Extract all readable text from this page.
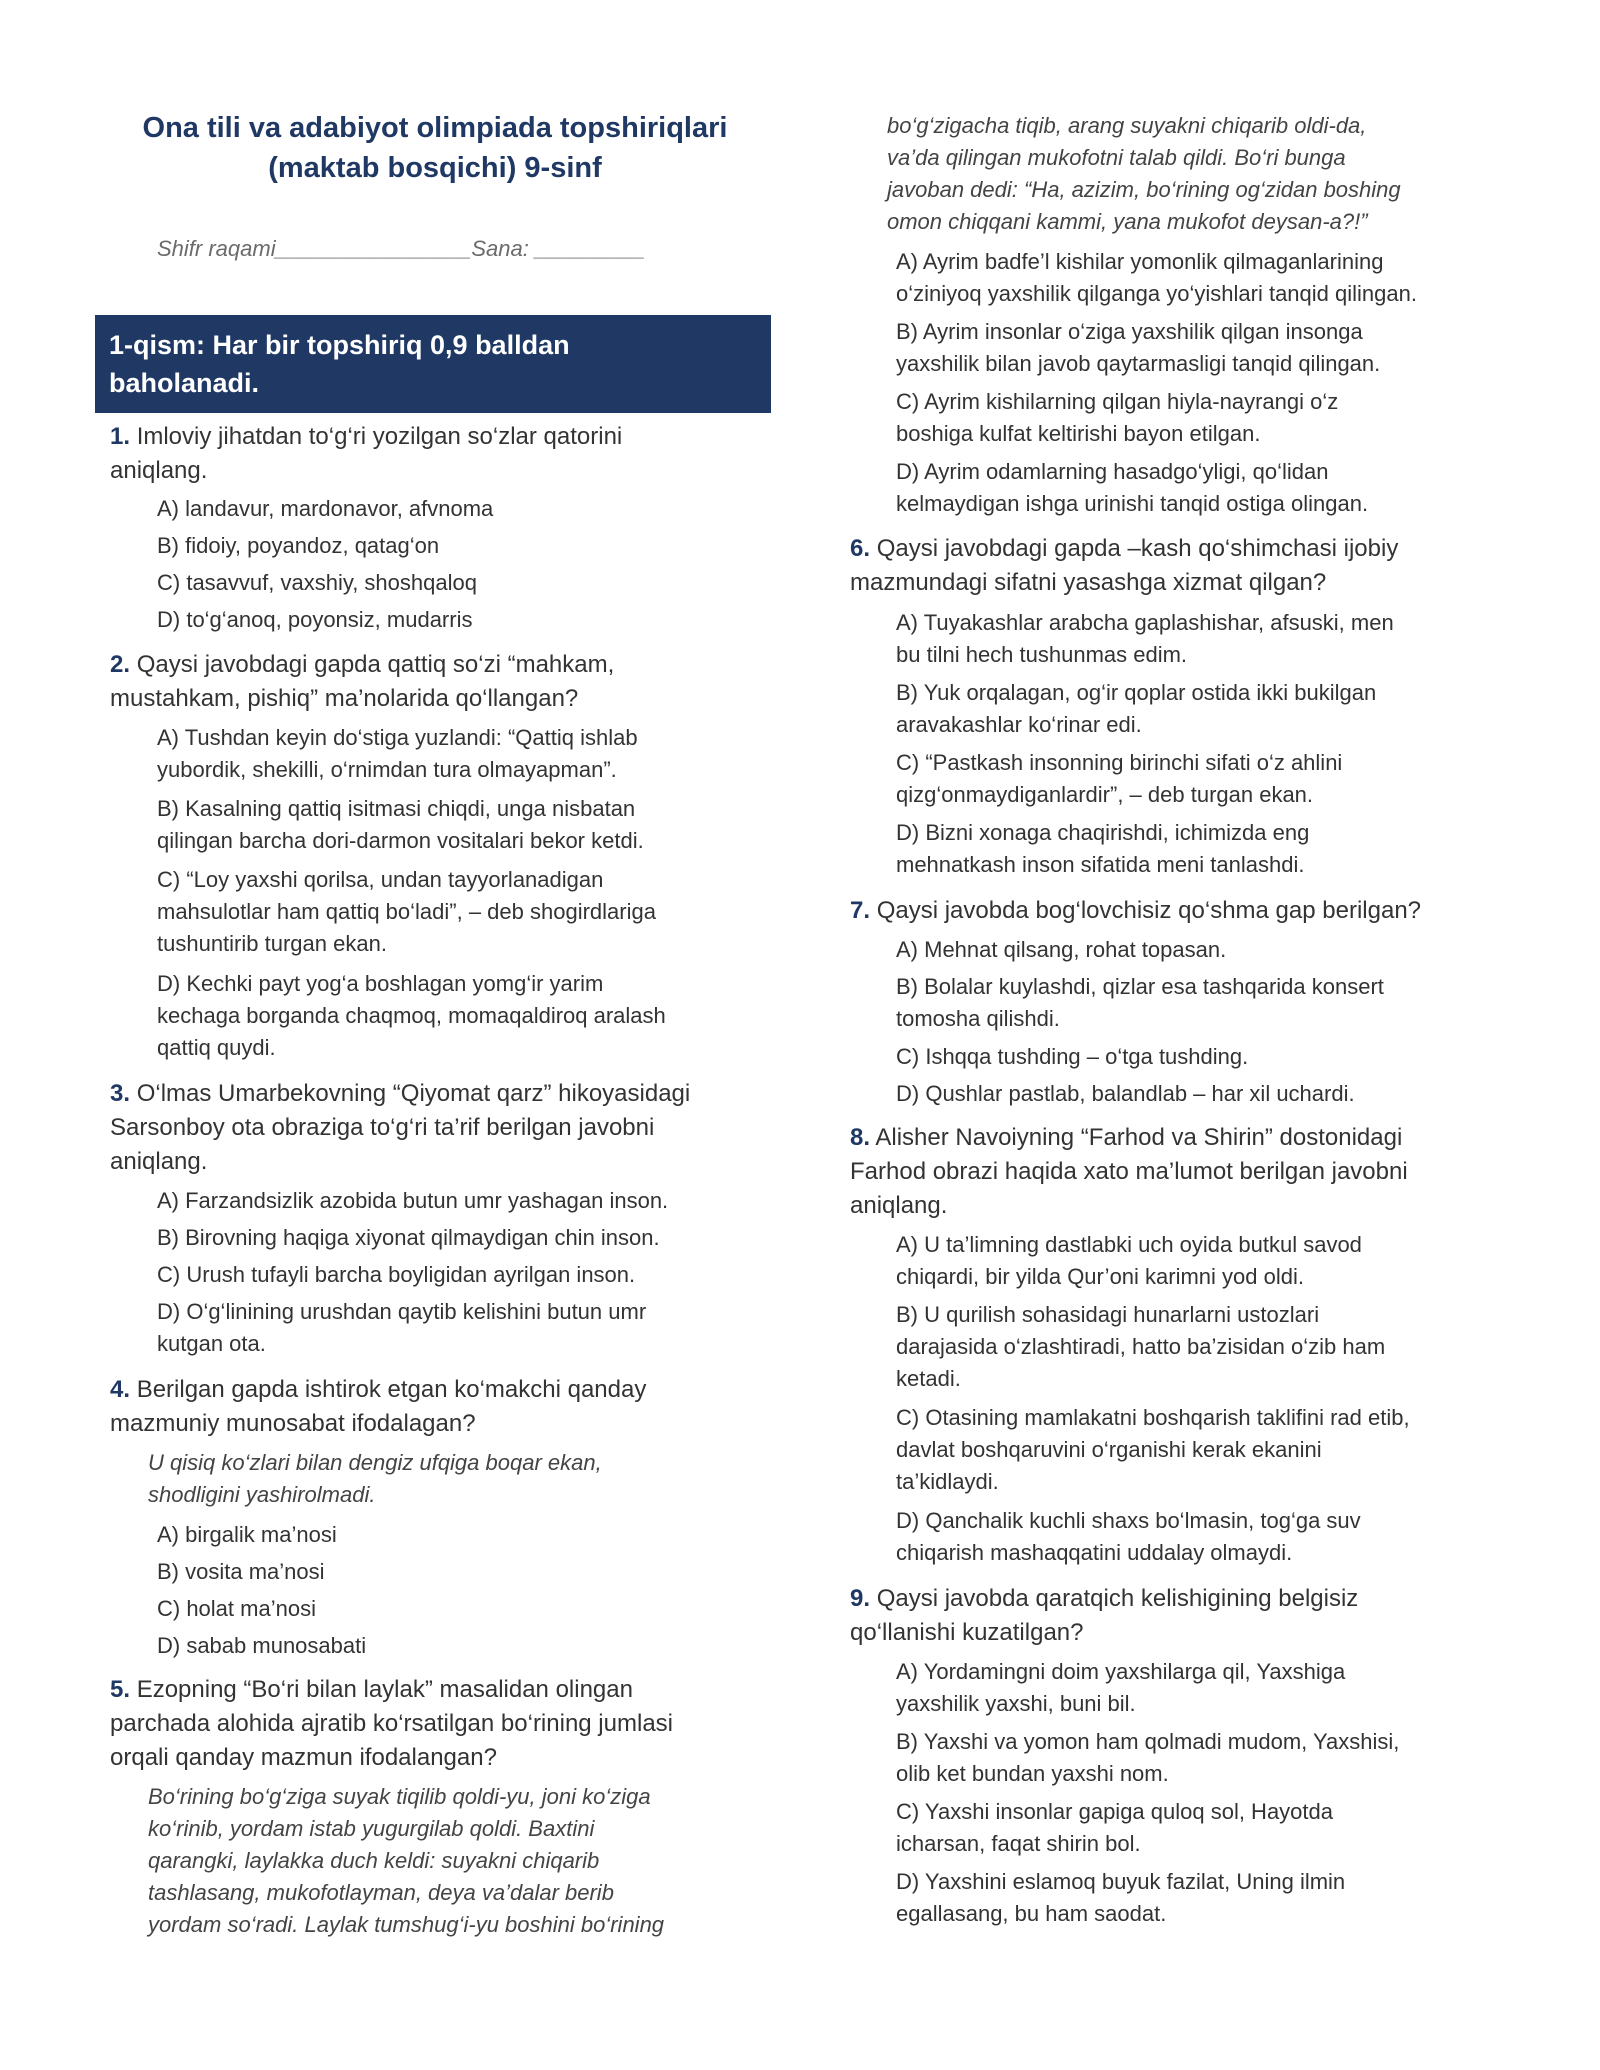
Ona tili va adabiyot olimpiada topshiriqlari
(maktab bosqichi) 9-sinf
Shifr raqami________________Sana: _________
1-qism: Har bir topshiriq 0,9 balldan
baholanadi.
1. Imloviy jihatdan to‘g‘ri yozilgan so‘zlar qatorini
aniqlang.
A) landavur, mardonavor, afvnoma
B) fidoiy, poyandoz, qatag‘on
C) tasavvuf, vaxshiy, shoshqaloq
D) to‘g‘anoq, poyonsiz, mudarris
2. Qaysi javobdagi gapda qattiq so‘zi “mahkam,
mustahkam, pishiq” ma’nolarida qo‘llangan?
A) Tushdan keyin do‘stiga yuzlandi: “Qattiq ishlab
yubordik, shekilli, o‘rnimdan tura olmayapman”.
B) Kasalning qattiq isitmasi chiqdi, unga nisbatan
qilingan barcha dori-darmon vositalari bekor ketdi.
C) “Loy yaxshi qorilsa, undan tayyorlanadigan
mahsulotlar ham qattiq bo‘ladi”, – deb shogirdlariga
tushuntirib turgan ekan.
D) Kechki payt yog‘a boshlagan yomg‘ir yarim
kechaga borganda chaqmoq, momaqaldiroq aralash
qattiq quydi.
3. O‘lmas Umarbekovning “Qiyomat qarz” hikoyasidagi
Sarsonboy ota obraziga to‘g‘ri ta’rif berilgan javobni
aniqlang.
A) Farzandsizlik azobida butun umr yashagan inson.
B) Birovning haqiga xiyonat qilmaydigan chin inson.
C) Urush tufayli barcha boyligidan ayrilgan inson.
D) O‘g‘linining urushdan qaytib kelishini butun umr
kutgan ota.
4. Berilgan gapda ishtirok etgan ko‘makchi qanday
mazmuniy munosabat ifodalagan?
U qisiq ko‘zlari bilan dengiz ufqiga boqar ekan,
shodligini yashirolmadi.
A) birgalik ma’nosi
B) vosita ma’nosi
C) holat ma’nosi
D) sabab munosabati
5. Ezopning “Bo‘ri bilan laylak” masalidan olingan
parchada alohida ajratib ko‘rsatilgan bo‘rining jumlasi
orqali qanday mazmun ifodalangan?
Bo‘rining bo‘g‘ziga suyak tiqilib qoldi-yu, joni ko‘ziga
ko‘rinib, yordam istab yugurgilab qoldi. Baxtini
qarangki, laylakka duch keldi: suyakni chiqarib
tashlasang, mukofotlayman, deya va’dalar berib
yordam so‘radi. Laylak tumshug‘i-yu boshini bo‘rining
bo‘g‘zigacha tiqib, arang suyakni chiqarib oldi-da,
va’da qilingan mukofotni talab qildi. Bo‘ri bunga
javoban dedi: “Ha, azizim, bo‘rining og‘zidan boshing
omon chiqqani kammi, yana mukofot deysan-a?!”
A) Ayrim badfe’l kishilar yomonlik qilmaganlarining
o‘ziniyoq yaxshilik qilganga yo‘yishlari tanqid qilingan.
B) Ayrim insonlar o‘ziga yaxshilik qilgan insonga
yaxshilik bilan javob qaytarmasligi tanqid qilingan.
C) Ayrim kishilarning qilgan hiyla-nayrangi o‘z
boshiga kulfat keltirishi bayon etilgan.
D) Ayrim odamlarning hasadgo‘yligi, qo‘lidan
kelmaydigan ishga urinishi tanqid ostiga olingan.
6. Qaysi javobdagi gapda –kash qo‘shimchasi ijobiy
mazmundagi sifatni yasashga xizmat qilgan?
A) Tuyakashlar arabcha gaplashishar, afsuski, men
bu tilni hech tushunmas edim.
B) Yuk orqalagan, og‘ir qoplar ostida ikki bukilgan
aravakashlar ko‘rinar edi.
C) “Pastkash insonning birinchi sifati o‘z ahlini
qizg‘onmaydiganlardir”, – deb turgan ekan.
D) Bizni xonaga chaqirishdi, ichimizda eng
mehnatkash inson sifatida meni tanlashdi.
7. Qaysi javobda bog‘lovchisiz qo‘shma gap berilgan?
A) Mehnat qilsang, rohat topasan.
B) Bolalar kuylashdi, qizlar esa tashqarida konsert
tomosha qilishdi.
C) Ishqqa tushding – o‘tga tushding.
D) Qushlar pastlab, balandlab – har xil uchardi.
8. Alisher Navoiyning “Farhod va Shirin” dostonidagi
Farhod obrazi haqida xato ma’lumot berilgan javobni
aniqlang.
A) U ta’limning dastlabki uch oyida butkul savod
chiqardi, bir yilda Qur’oni karimni yod oldi.
B) U qurilish sohasidagi hunarlarni ustozlari
darajasida o‘zlashtiradi, hatto ba’zisidan o‘zib ham
ketadi.
C) Otasining mamlakatni boshqarish taklifini rad etib,
davlat boshqaruvini o‘rganishi kerak ekanini
ta’kidlaydi.
D) Qanchalik kuchli shaxs bo‘lmasin, tog‘ga suv
chiqarish mashaqqatini uddalay olmaydi.
9. Qaysi javobda qaratqich kelishigining belgisiz
qo‘llanishi kuzatilgan?
A) Yordamingni doim yaxshilarga qil, Yaxshiga
yaxshilik yaxshi, buni bil.
B) Yaxshi va yomon ham qolmadi mudom, Yaxshisi,
olib ket bundan yaxshi nom.
C) Yaxshi insonlar gapiga quloq sol, Hayotda
icharsan, faqat shirin bol.
D) Yaxshini eslamoq buyuk fazilat, Uning ilmin
egallasang, bu ham saodat.
